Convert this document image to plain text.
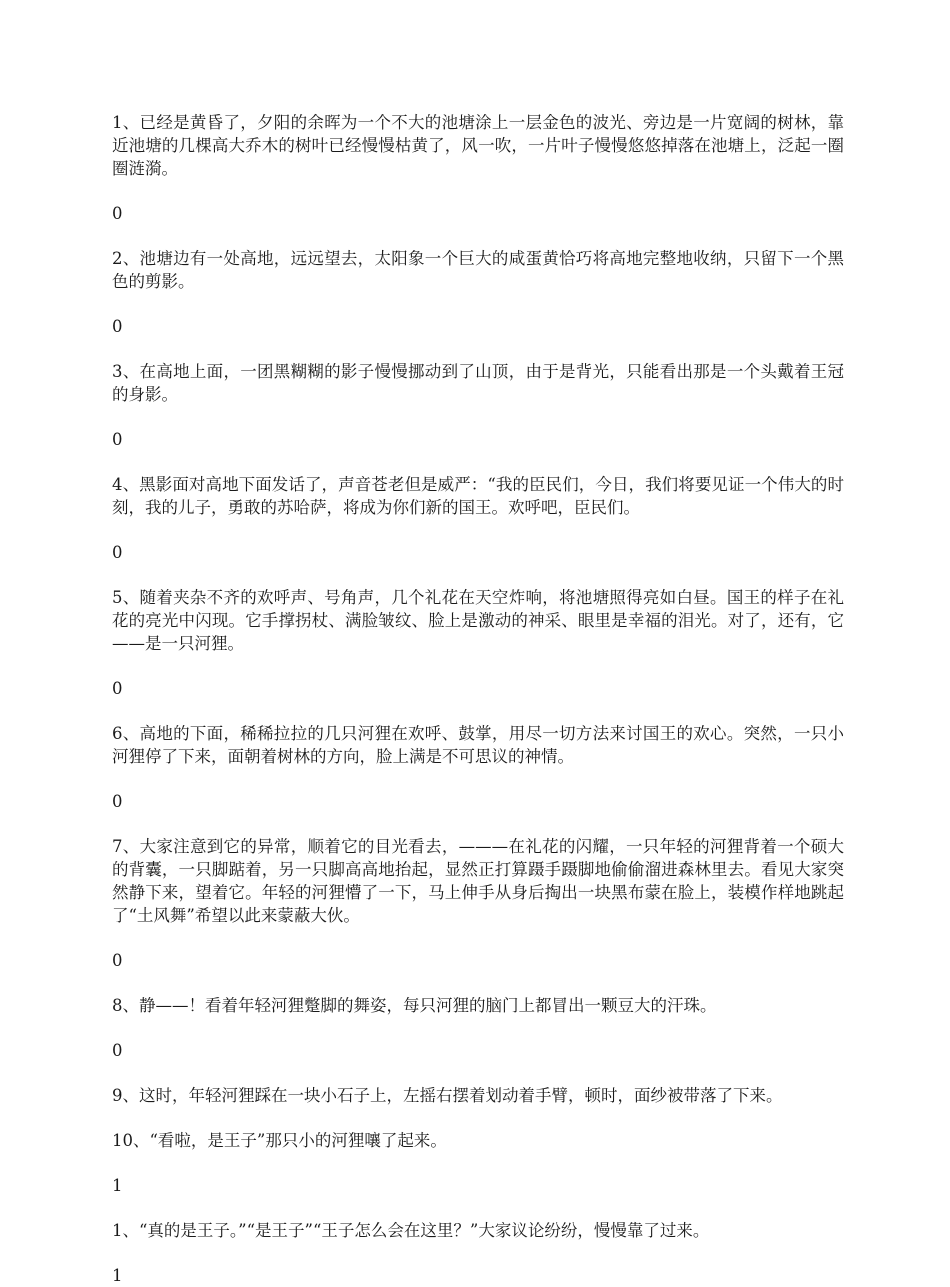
1、已经是黄昏了，夕阳的余晖为一个不大的池塘涂上一层金色的波光、旁边是一片宽阔的树林，靠近池塘的几棵高大乔木的树叶已经慢慢枯黄了，风一吹，一片叶子慢慢悠悠掉落在池塘上，泛起一圈圈涟漪。

0

2、池塘边有一处高地，远远望去，太阳象一个巨大的咸蛋黄恰巧将高地完整地收纳，只留下一个黑色的剪影。

0

3、在高地上面，一团黑糊糊的影子慢慢挪动到了山顶，由于是背光，只能看出那是一个头戴着王冠的身影。

0

4、黑影面对高地下面发话了，声音苍老但是威严：“我的臣民们，今日，我们将要见证一个伟大的时刻，我的儿子，勇敢的苏哈萨，将成为你们新的国王。欢呼吧，臣民们。

0

5、随着夹杂不齐的欢呼声、号角声，几个礼花在天空炸响，将池塘照得亮如白昼。国王的样子在礼花的亮光中闪现。它手撑拐杖、满脸皱纹、脸上是激动的神采、眼里是幸福的泪光。对了，还有，它——是一只河狸。

0

6、高地的下面，稀稀拉拉的几只河狸在欢呼、鼓掌，用尽一切方法来讨国王的欢心。突然，一只小河狸停了下来，面朝着树林的方向，脸上满是不可思议的神情。

0

7、大家注意到它的异常，顺着它的目光看去，———在礼花的闪耀，一只年轻的河狸背着一个硕大的背囊，一只脚踮着，另一只脚高高地抬起，显然正打算蹑手蹑脚地偷偷溜进森林里去。看见大家突然静下来，望着它。年轻的河狸懵了一下，马上伸手从身后掏出一块黑布蒙在脸上，装模作样地跳起了“土风舞”希望以此来蒙蔽大伙。

0

8、静——！看着年轻河狸蹩脚的舞姿，每只河狸的脑门上都冒出一颗豆大的汗珠。

0

9、这时，年轻河狸踩在一块小石子上，左摇右摆着划动着手臂，顿时，面纱被带落了下来。

10、“看啦，是王子”那只小的河狸嚷了起来。

1

1、“真的是王子。”“是王子”“王子怎么会在这里？”大家议论纷纷，慢慢靠了过来。

1
